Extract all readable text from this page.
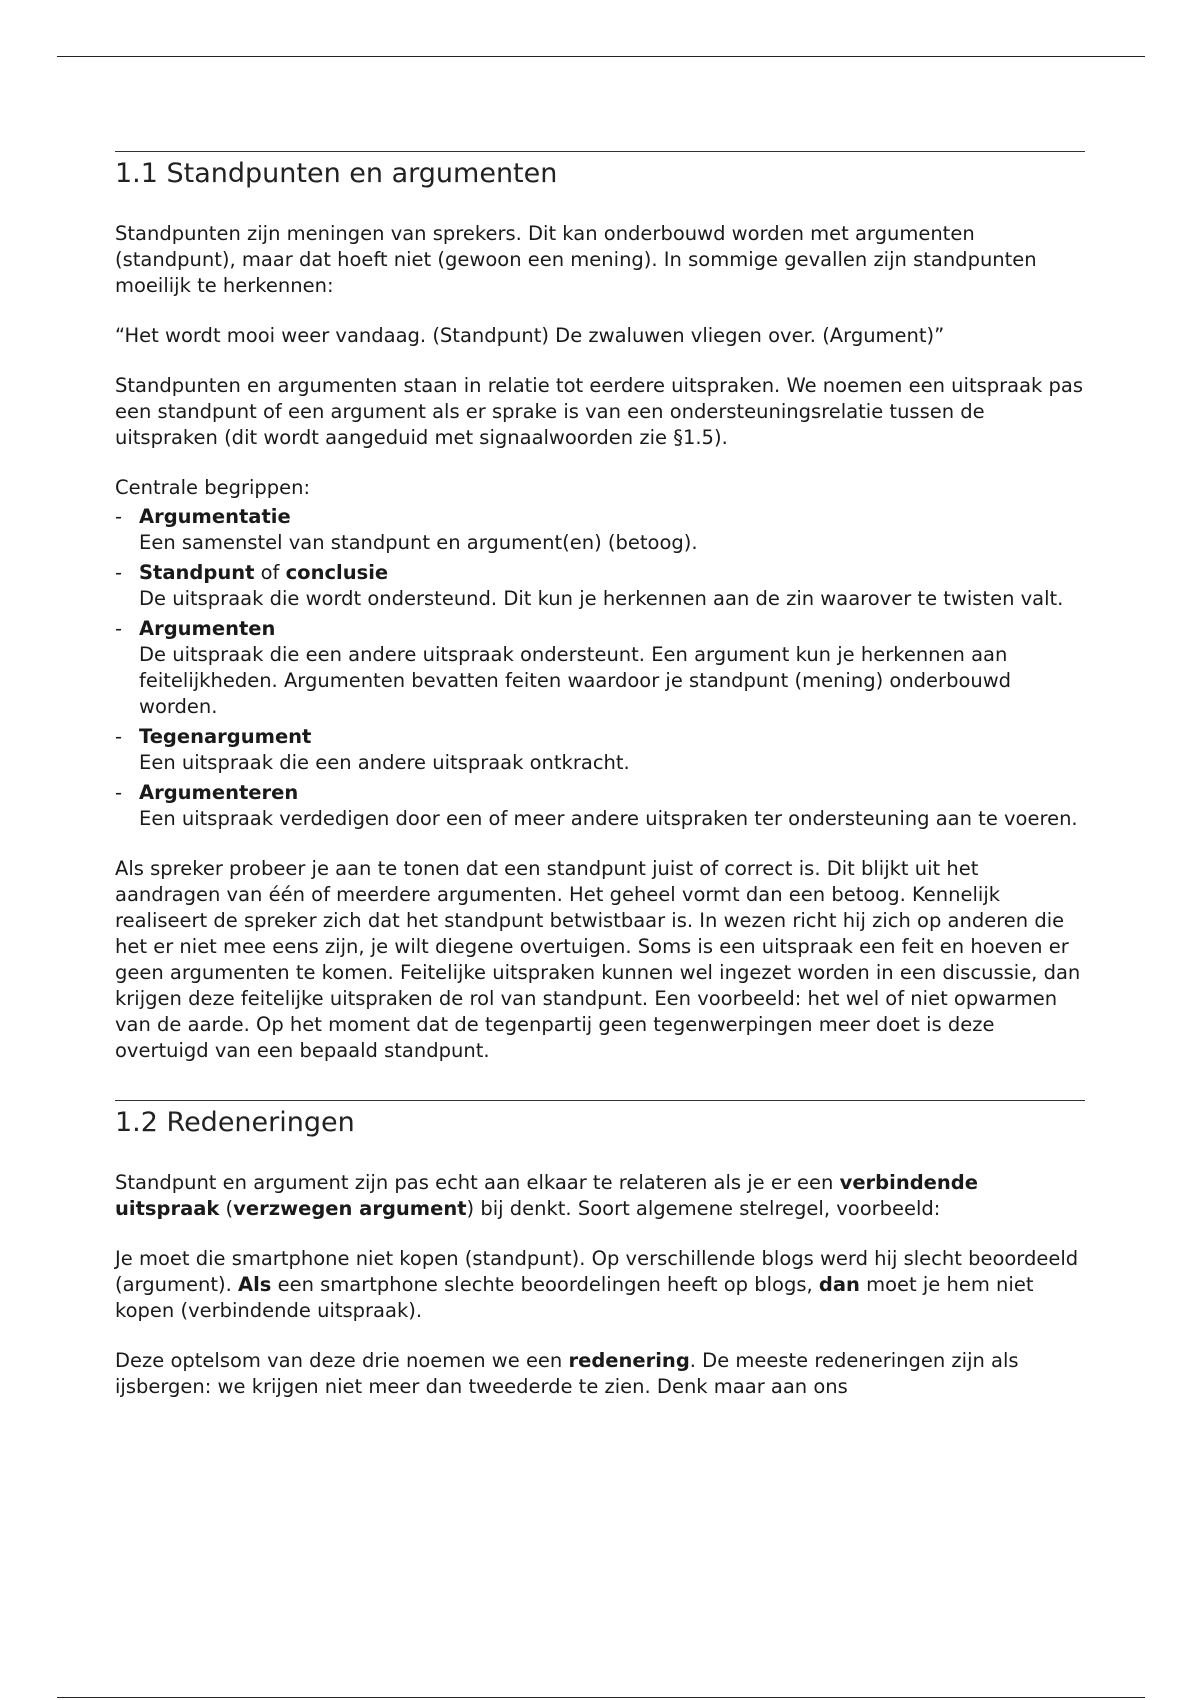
1.1 Standpunten en argumenten

Standpunten zijn meningen van sprekers. Dit kan onderbouwd worden met argumenten (standpunt), maar dat hoeft niet (gewoon een mening). In sommige gevallen zijn standpunten moeilijk te herkennen:

“Het wordt mooi weer vandaag. (Standpunt) De zwaluwen vliegen over. (Argument)”

Standpunten en argumenten staan in relatie tot eerdere uitspraken. We noemen een uitspraak pas een standpunt of een argument als er sprake is van een ondersteuningsrelatie tussen de uitspraken (dit wordt aangeduid met signaalwoorden zie §1.5).

Centrale begrippen:

- Argumentatie
Een samenstel van standpunt en argument(en) (betoog).
- Standpunt of conclusie
De uitspraak die wordt ondersteund. Dit kun je herkennen aan de zin waarover te twisten valt.
- Argumenten
De uitspraak die een andere uitspraak ondersteunt. Een argument kun je herkennen aan feitelijkheden. Argumenten bevatten feiten waardoor je standpunt (mening) onderbouwd worden.
- Tegenargument
Een uitspraak die een andere uitspraak ontkracht.
- Argumenteren
Een uitspraak verdedigen door een of meer andere uitspraken ter ondersteuning aan te voeren.

Als spreker probeer je aan te tonen dat een standpunt juist of correct is. Dit blijkt uit het aandragen van één of meerdere argumenten. Het geheel vormt dan een betoog. Kennelijk realiseert de spreker zich dat het standpunt betwistbaar is. In wezen richt hij zich op anderen die het er niet mee eens zijn, je wilt diegene overtuigen. Soms is een uitspraak een feit en hoeven er geen argumenten te komen. Feitelijke uitspraken kunnen wel ingezet worden in een discussie, dan krijgen deze feitelijke uitspraken de rol van standpunt. Een voorbeeld: het wel of niet opwarmen van de aarde. Op het moment dat de tegenpartij geen tegenwerpingen meer doet is deze overtuigd van een bepaald standpunt.

1.2 Redeneringen

Standpunt en argument zijn pas echt aan elkaar te relateren als je er een verbindende uitspraak (verzwegen argument) bij denkt. Soort algemene stelregel, voorbeeld:

Je moet die smartphone niet kopen (standpunt). Op verschillende blogs werd hij slecht beoordeeld (argument). Als een smartphone slechte beoordelingen heeft op blogs, dan moet je hem niet kopen (verbindende uitspraak).

Deze optelsom van deze drie noemen we een redenering. De meeste redeneringen zijn als ijsbergen: we krijgen niet meer dan tweederde te zien. Denk maar aan ons
